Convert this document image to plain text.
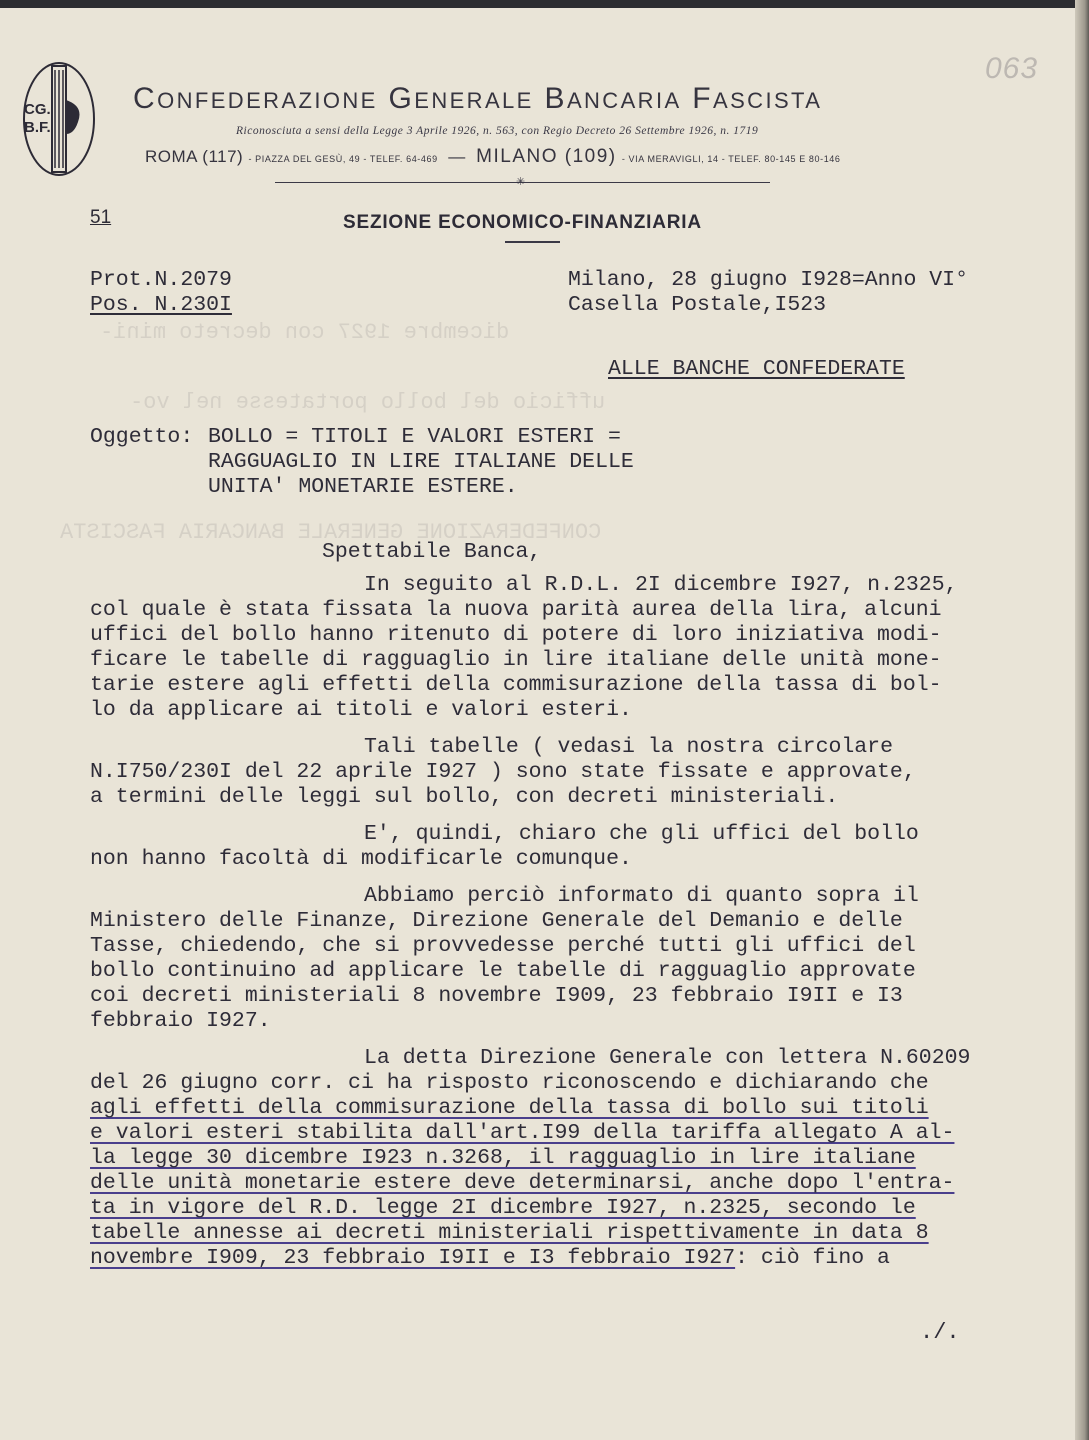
dicembre 1927 con decreto mini-
ufficio del bollo portatesse nel vo-
CONFEDERAZIONE GENERALE BANCARIA FASCISTA
CG.
B.F.
063
CONFEDERAZIONE GENERALE BANCARIA FASCISTA
Riconosciuta a sensi della Legge 3 Aprile 1926, n. 563, con Regio Decreto 26 Settembre 1926, n. 1719
ROMA (117) - PIAZZA DEL GESÙ, 49 - TELEF. 64-469 — MILANO (109) - VIA MERAVIGLI, 14 - TELEF. 80-145 E 80-146
✳
51	SEZIONE ECONOMICO-FINANZIARIA
Prot.N.2079
Pos. N.230I
Milano, 28 giugno I928=Anno VI°
Casella Postale,I523
ALLE BANCHE CONFEDERATE
Oggetto: BOLLO = TITOLI E VALORI ESTERI =
RAGGUAGLIO IN LIRE ITALIANE DELLE
UNITA' MONETARIE ESTERE.
Spettabile Banca,
In seguito al R.D.L. 2I dicembre I927, n.2325,
col quale è stata fissata la nuova parità aurea della lira, alcuni
uffici del bollo hanno ritenuto di potere di loro iniziativa modi-
ficare le tabelle di ragguaglio in lire italiane delle unità mone-
tarie estere agli effetti della commisurazione della tassa di bol-
lo da applicare ai titoli e valori esteri.
Tali tabelle ( vedasi la nostra circolare
N.I750/230I del 22 aprile I927 ) sono state fissate e approvate,
a termini delle leggi sul bollo, con decreti ministeriali.
E', quindi, chiaro che gli uffici del bollo
non hanno facoltà di modificarle comunque.
Abbiamo perciò informato di quanto sopra il
Ministero delle Finanze, Direzione Generale del Demanio e delle
Tasse, chiedendo, che si provvedesse perché tutti gli uffici del
bollo continuino ad applicare le tabelle di ragguaglio approvate
coi decreti ministeriali 8 novembre I909, 23 febbraio I9II e I3
febbraio I927.
La detta Direzione Generale con lettera N.60209
del 26 giugno corr. ci ha risposto riconoscendo e dichiarando che
agli effetti della commisurazione della tassa di bollo sui titoli
e valori esteri stabilita dall'art.I99 della tariffa allegato A al-
la legge 30 dicembre I923 n.3268, il ragguaglio in lire italiane
delle unità monetarie estere deve determinarsi, anche dopo l'entra-
ta in vigore del R.D. legge 2I dicembre I927, n.2325, secondo le
tabelle annesse ai decreti ministeriali rispettivamente in data 8
novembre I909, 23 febbraio I9II e I3 febbraio I927: ciò fino a
./.
